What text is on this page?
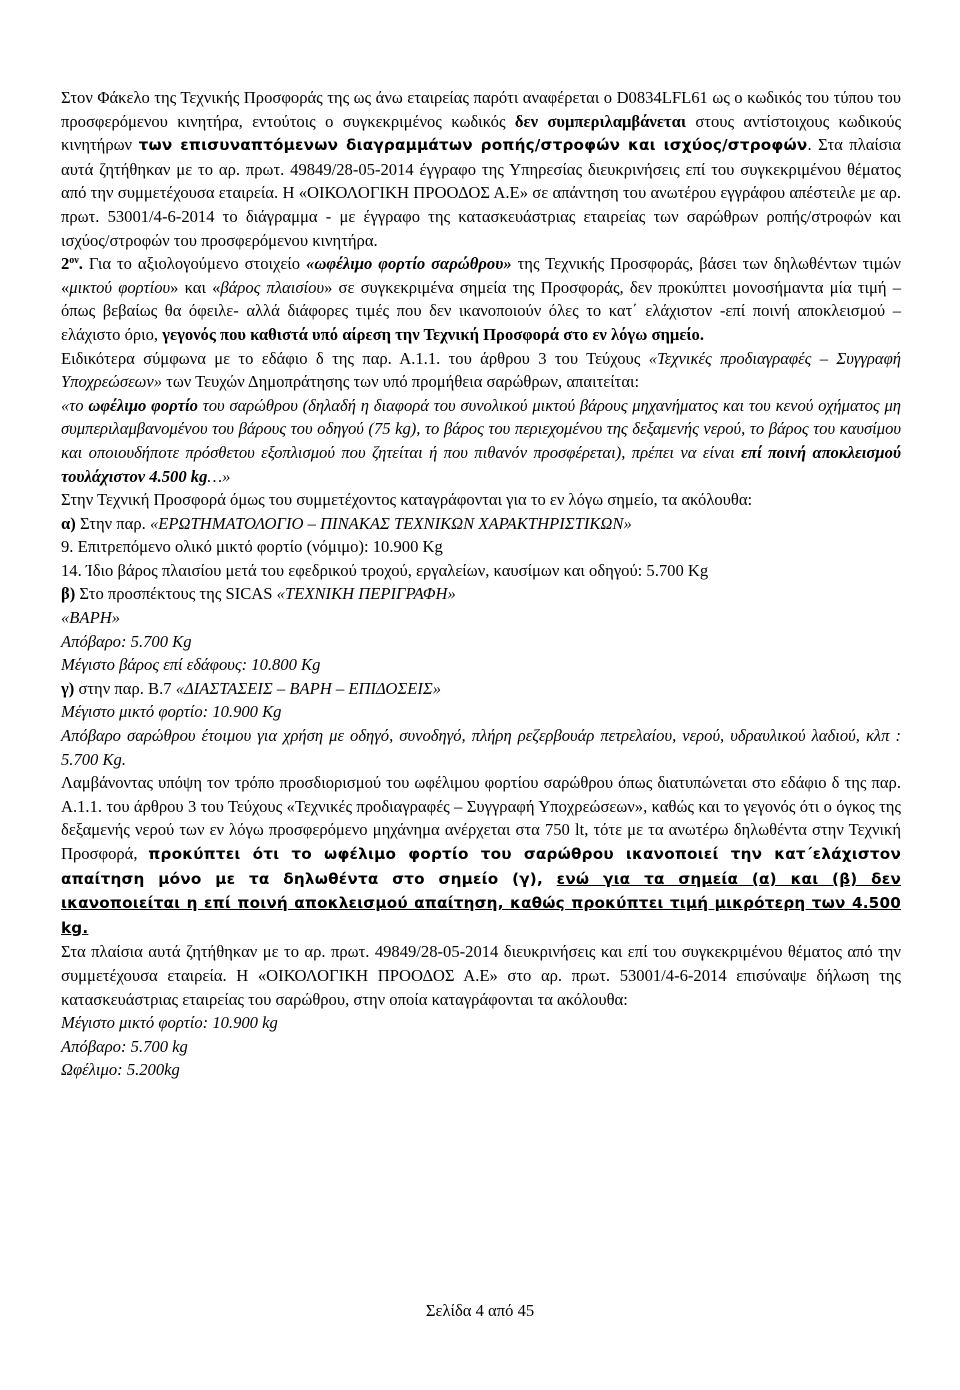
Στον Φάκελο της Τεχνικής Προσφοράς της ως άνω εταιρείας παρότι αναφέρεται ο D0834LFL61 ως ο κωδικός του τύπου του προσφερόμενου κινητήρα, εντούτοις ο συγκεκριμένος κωδικός δεν συμπεριλαμβάνεται στους αντίστοιχους κωδικούς κινητήρων των επισυναπτόμενων διαγραμμάτων ροπής/στροφών και ισχύος/στροφών. Στα πλαίσια αυτά ζητήθηκαν με το αρ. πρωτ. 49849/28-05-2014 έγγραφο της Υπηρεσίας διευκρινήσεις επί του συγκεκριμένου θέματος από την συμμετέχουσα εταιρεία. Η «ΟΙΚΟΛΟΓΙΚΗ ΠΡΟΟΔΟΣ Α.Ε» σε απάντηση του ανωτέρου εγγράφου απέστειλε με αρ. πρωτ. 53001/4-6-2014 το διάγραμμα - με έγγραφο της κατασκευάστριας εταιρείας των σαρώθρων ροπής/στροφών και ισχύος/στροφών του προσφερόμενου κινητήρα.

$2^{o\nu}$. Για το αξιολογούμενο στοιχείο «ωφέλιμο φορτίο σαρώθρου» της Τεχνικής Προσφοράς, βάσει των δηλωθέντων τιμών «μικτού φορτίου» και «βάρος πλαισίου» σε συγκεκριμένα σημεία της Προσφοράς, δεν προκύπτει μονοσήμαντα μία τιμή –όπως βεβαίως θα όφειλε- αλλά διάφορες τιμές που δεν ικανοποιούν όλες το κατ΄ ελάχιστον -επί ποινή αποκλεισμού – ελάχιστο όριο, γεγονός που καθιστά υπό αίρεση την Τεχνική Προσφορά στο εν λόγω σημείο.

Ειδικότερα σύμφωνα με το εδάφιο δ της παρ. Α.1.1. του άρθρου 3 του Τεύχους «Τεχνικές προδιαγραφές – Συγγραφή Υποχρεώσεων» των Τευχών Δημοπράτησης των υπό προμήθεια σαρώθρων, απαιτείται:

«το ωφέλιμο φορτίο του σαρώθρου (δηλαδή η διαφορά του συνολικού μικτού βάρους μηχανήματος και του κενού οχήματος μη συμπεριλαμβανομένου του βάρους του οδηγού (75 kg), το βάρος του περιεχομένου της δεξαμενής νερού, το βάρος του καυσίμου και οποιουδήποτε πρόσθετου εξοπλισμού που ζητείται ή που πιθανόν προσφέρεται), πρέπει να είναι επί ποινή αποκλεισμού τουλάχιστον 4.500 kg…»

Στην Τεχνική Προσφορά όμως του συμμετέχοντος καταγράφονται για το εν λόγω σημείο, τα ακόλουθα:

α) Στην παρ. «ΕΡΩΤΗΜΑΤΟΛΟΓΙΟ – ΠΙΝΑΚΑΣ ΤΕΧΝΙΚΩΝ ΧΑΡΑΚΤΗΡΙΣΤΙΚΩΝ»

9. Επιτρεπόμενο ολικό μικτό φορτίο (νόμιμο): 10.900 Kg

14. Ίδιο βάρος πλαισίου μετά του εφεδρικού τροχού, εργαλείων, καυσίμων και οδηγού: 5.700 Kg

β) Στο προσπέκτους της SICAS «ΤΕΧΝΙΚΗ ΠΕΡΙΓΡΑΦΗ»

«ΒΑΡΗ»

Απόβαρο: 5.700 Kg

Μέγιστο βάρος επί εδάφους: 10.800 Kg

γ) στην παρ. Β.7 «ΔΙΑΣΤΑΣΕΙΣ – ΒΑΡΗ – ΕΠΙΔΟΣΕΙΣ»

Μέγιστο μικτό φορτίο: 10.900 Kg

Απόβαρο σαρώθρου έτοιμου για χρήση με οδηγό, συνοδηγό, πλήρη ρεζερβουάρ πετρελαίου, νερού, υδραυλικού λαδιού, κλπ : 5.700 Kg.

Λαμβάνοντας υπόψη τον τρόπο προσδιορισμού του ωφέλιμου φορτίου σαρώθρου όπως διατυπώνεται στο εδάφιο δ της παρ. Α.1.1. του άρθρου 3 του Τεύχους «Τεχνικές προδιαγραφές – Συγγραφή Υποχρεώσεων», καθώς και το γεγονός ότι ο όγκος της δεξαμενής νερού των εν λόγω προσφερόμενο μηχάνημα ανέρχεται στα 750 lt, τότε με τα ανωτέρω δηλωθέντα στην Τεχνική Προσφορά, προκύπτει ότι το ωφέλιμο φορτίο του σαρώθρου ικανοποιεί την κατ΄ελάχιστον απαίτηση μόνο με τα δηλωθέντα στο σημείο (γ), ενώ για τα σημεία (α) και (β) δεν ικανοποιείται η επί ποινή αποκλεισμού απαίτηση, καθώς προκύπτει τιμή μικρότερη των 4.500 kg.

Στα πλαίσια αυτά ζητήθηκαν με το αρ. πρωτ. 49849/28-05-2014 διευκρινήσεις και επί του συγκεκριμένου θέματος από την συμμετέχουσα εταιρεία. Η «ΟΙΚΟΛΟΓΙΚΗ ΠΡΟΟΔΟΣ Α.Ε» στο αρ. πρωτ. 53001/4-6-2014 επισύναψε δήλωση της κατασκευάστριας εταιρείας του σαρώθρου, στην οποία καταγράφονται τα ακόλουθα:

Μέγιστο μικτό φορτίο: 10.900 kg

Απόβαρο: 5.700 kg

Ωφέλιμο: 5.200kg

Σελίδα 4 από 45
